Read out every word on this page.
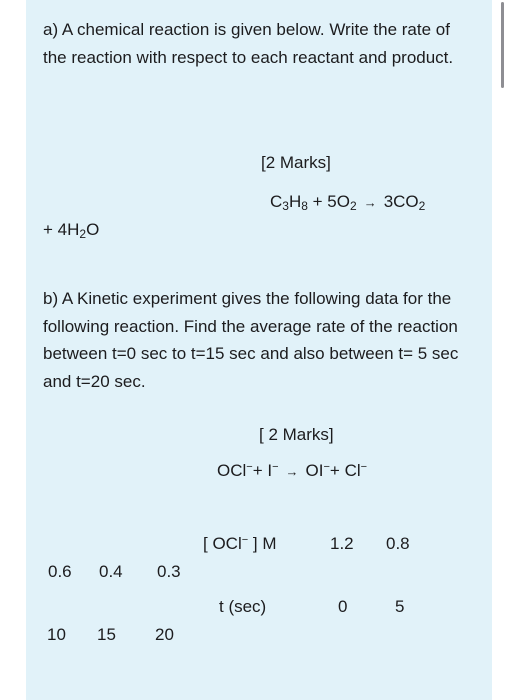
a) A chemical reaction is given below. Write the rate of the reaction with respect to each reactant and product.
[2 Marks]
$C_3H_8 + 5O_2 \to 3CO_2$
+ $4H_2O$
b) A Kinetic experiment gives the following data for the following reaction. Find the average rate of the reaction between t=0 sec to t=15 sec and also between t= 5 sec and t=20 sec.
[ 2 Marks]
OCl−+ I− → OI−+ Cl−
[ OCl− ] M	1.2 0.8
0.6 0.4 0.3
t (sec)	0	5
10 15 20
